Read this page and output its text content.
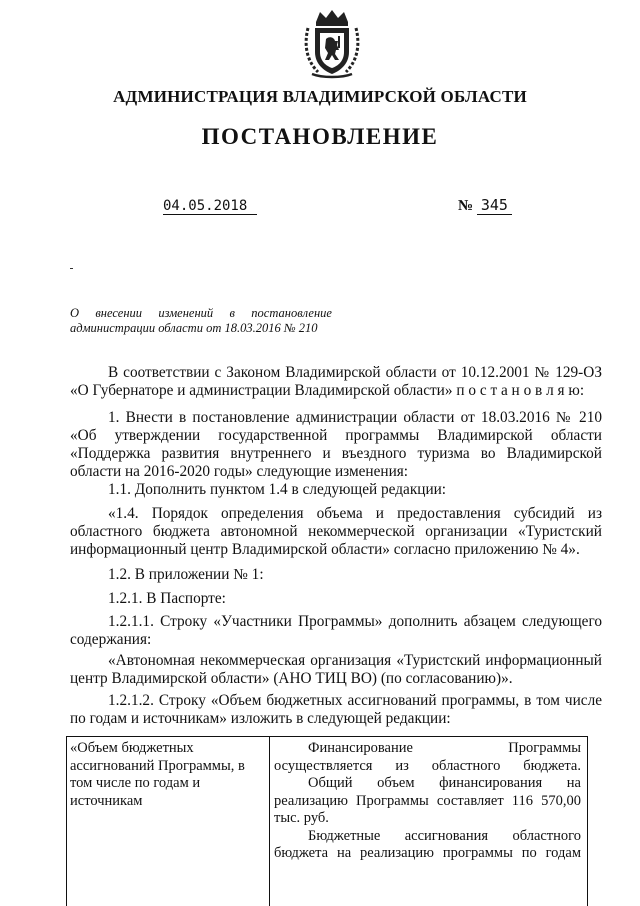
АДМИНИСТРАЦИЯ ВЛАДИМИРСКОЙ ОБЛАСТИ
ПОСТАНОВЛЕНИЕ
04.05.2018	№ 345
О внесении изменений в постановление
администрации области от 18.03.2016 № 210

В соответствии с Законом Владимирской области от 10.12.2001 № 129-ОЗ «О Губернаторе и администрации Владимирской области» п о с т а н о в л я ю:

1. Внести в постановление администрации области от 18.03.2016 № 210 «Об утверждении государственной программы Владимирской области «Поддержка развития внутреннего и въездного туризма во Владимирской области на 2016-2020 годы» следующие изменения:

1.1. Дополнить пунктом 1.4 в следующей редакции:

«1.4. Порядок определения объема и предоставления субсидий из областного бюджета автономной некоммерческой организации «Туристский информационный центр Владимирской области» согласно приложению № 4».

1.2. В приложении № 1:

1.2.1. В Паспорте:

1.2.1.1. Строку «Участники Программы» дополнить абзацем следующего содержания:

«Автономная некоммерческая организация «Туристский информационный центр Владимирской области» (АНО ТИЦ ВО) (по согласованию)».

1.2.1.2. Строку «Объем бюджетных ассигнований программы, в том числе по годам и источникам» изложить в следующей редакции:

«Объем бюджетных ассигнований Программы, в том числе по годам и источникам

Финансирование Программы осуществляется из областного бюджета.

Общий объем финансирования на реализацию Программы составляет 116 570,00 тыс. руб.

Бюджетные ассигнования областного бюджета на реализацию программы по годам
